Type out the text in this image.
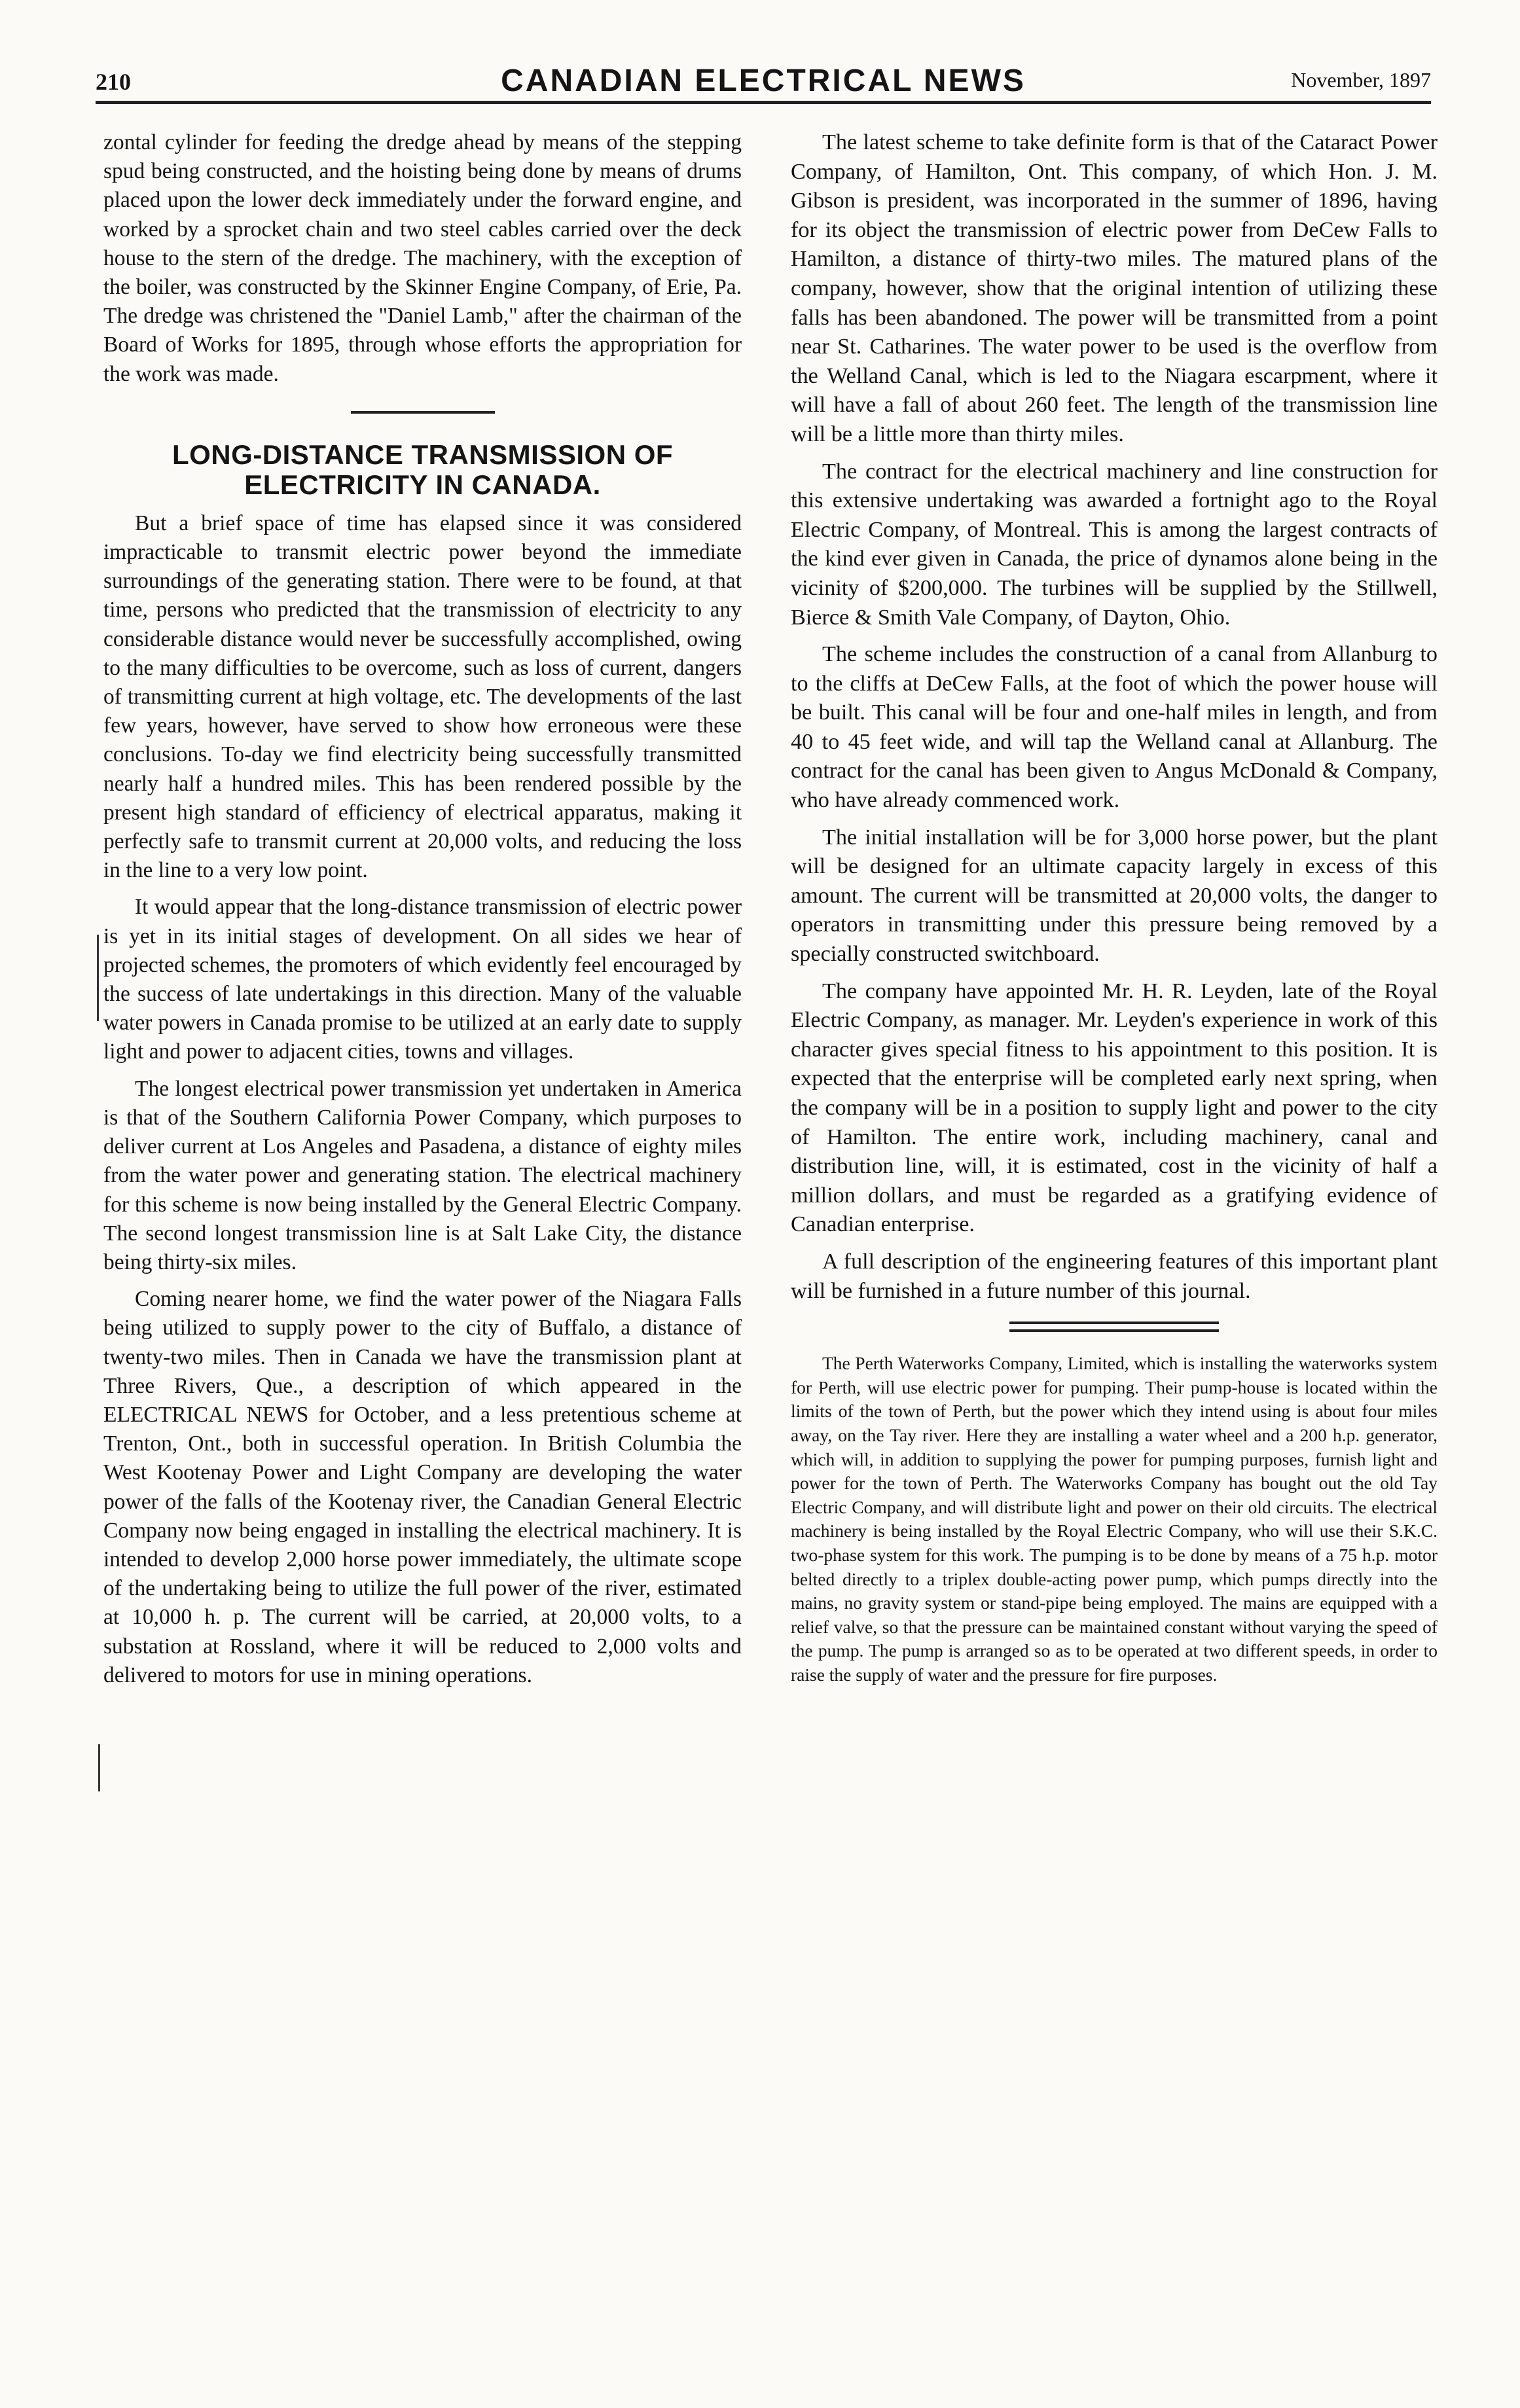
210	CANADIAN ELECTRICAL NEWS	November, 1897

zontal cylinder for feeding the dredge ahead by means of the stepping spud being constructed, and the hoisting being done by means of drums placed upon the lower deck immediately under the forward engine, and worked by a sprocket chain and two steel cables carried over the deck house to the stern of the dredge. The machinery, with the exception of the boiler, was constructed by the Skinner Engine Company, of Erie, Pa. The dredge was christened the "Daniel Lamb," after the chairman of the Board of Works for 1895, through whose efforts the appropriation for the work was made.

LONG-DISTANCE TRANSMISSION OF ELECTRICITY IN CANADA.

But a brief space of time has elapsed since it was considered impracticable to transmit electric power beyond the immediate surroundings of the generating station. There were to be found, at that time, persons who predicted that the transmission of electricity to any considerable distance would never be successfully accomplished, owing to the many difficulties to be overcome, such as loss of current, dangers of transmitting current at high voltage, etc. The developments of the last few years, however, have served to show how erroneous were these conclusions. To-day we find electricity being successfully transmitted nearly half a hundred miles. This has been rendered possible by the present high standard of efficiency of electrical apparatus, making it perfectly safe to transmit current at 20,000 volts, and reducing the loss in the line to a very low point.

It would appear that the long-distance transmission of electric power is yet in its initial stages of development. On all sides we hear of projected schemes, the promoters of which evidently feel encouraged by the success of late undertakings in this direction. Many of the valuable water powers in Canada promise to be utilized at an early date to supply light and power to adjacent cities, towns and villages.

The longest electrical power transmission yet undertaken in America is that of the Southern California Power Company, which purposes to deliver current at Los Angeles and Pasadena, a distance of eighty miles from the water power and generating station. The electrical machinery for this scheme is now being installed by the General Electric Company. The second longest transmission line is at Salt Lake City, the distance being thirty-six miles.

Coming nearer home, we find the water power of the Niagara Falls being utilized to supply power to the city of Buffalo, a distance of twenty-two miles. Then in Canada we have the transmission plant at Three Rivers, Que., a description of which appeared in the ELECTRICAL NEWS for October, and a less pretentious scheme at Trenton, Ont., both in successful operation. In British Columbia the West Kootenay Power and Light Company are developing the water power of the falls of the Kootenay river, the Canadian General Electric Company now being engaged in installing the electrical machinery. It is intended to develop 2,000 horse power immediately, the ultimate scope of the undertaking being to utilize the full power of the river, estimated at 10,000 h. p. The current will be carried, at 20,000 volts, to a substation at Rossland, where it will be reduced to 2,000 volts and delivered to motors for use in mining operations.

The latest scheme to take definite form is that of the Cataract Power Company, of Hamilton, Ont. This company, of which Hon. J. M. Gibson is president, was incorporated in the summer of 1896, having for its object the transmission of electric power from DeCew Falls to Hamilton, a distance of thirty-two miles. The matured plans of the company, however, show that the original intention of utilizing these falls has been abandoned. The power will be transmitted from a point near St. Catharines. The water power to be used is the overflow from the Welland Canal, which is led to the Niagara escarpment, where it will have a fall of about 260 feet. The length of the transmission line will be a little more than thirty miles.

The contract for the electrical machinery and line construction for this extensive undertaking was awarded a fortnight ago to the Royal Electric Company, of Montreal. This is among the largest contracts of the kind ever given in Canada, the price of dynamos alone being in the vicinity of $200,000. The turbines will be supplied by the Stillwell, Bierce & Smith Vale Company, of Dayton, Ohio.

The scheme includes the construction of a canal from Allanburg to to the cliffs at DeCew Falls, at the foot of which the power house will be built. This canal will be four and one-half miles in length, and from 40 to 45 feet wide, and will tap the Welland canal at Allanburg. The contract for the canal has been given to Angus McDonald & Company, who have already commenced work.

The initial installation will be for 3,000 horse power, but the plant will be designed for an ultimate capacity largely in excess of this amount. The current will be transmitted at 20,000 volts, the danger to operators in transmitting under this pressure being removed by a specially constructed switchboard.

The company have appointed Mr. H. R. Leyden, late of the Royal Electric Company, as manager. Mr. Leyden's experience in work of this character gives special fitness to his appointment to this position. It is expected that the enterprise will be completed early next spring, when the company will be in a position to supply light and power to the city of Hamilton. The entire work, including machinery, canal and distribution line, will, it is estimated, cost in the vicinity of half a million dollars, and must be regarded as a gratifying evidence of Canadian enterprise.

A full description of the engineering features of this important plant will be furnished in a future number of this journal.

The Perth Waterworks Company, Limited, which is installing the waterworks system for Perth, will use electric power for pumping. Their pump-house is located within the limits of the town of Perth, but the power which they intend using is about four miles away, on the Tay river. Here they are installing a water wheel and a 200 h.p. generator, which will, in addition to supplying the power for pumping purposes, furnish light and power for the town of Perth. The Waterworks Company has bought out the old Tay Electric Company, and will distribute light and power on their old circuits. The electrical machinery is being installed by the Royal Electric Company, who will use their S.K.C. two-phase system for this work. The pumping is to be done by means of a 75 h.p. motor belted directly to a triplex double-acting power pump, which pumps directly into the mains, no gravity system or stand-pipe being employed. The mains are equipped with a relief valve, so that the pressure can be maintained constant without varying the speed of the pump. The pump is arranged so as to be operated at two different speeds, in order to raise the supply of water and the pressure for fire purposes.
